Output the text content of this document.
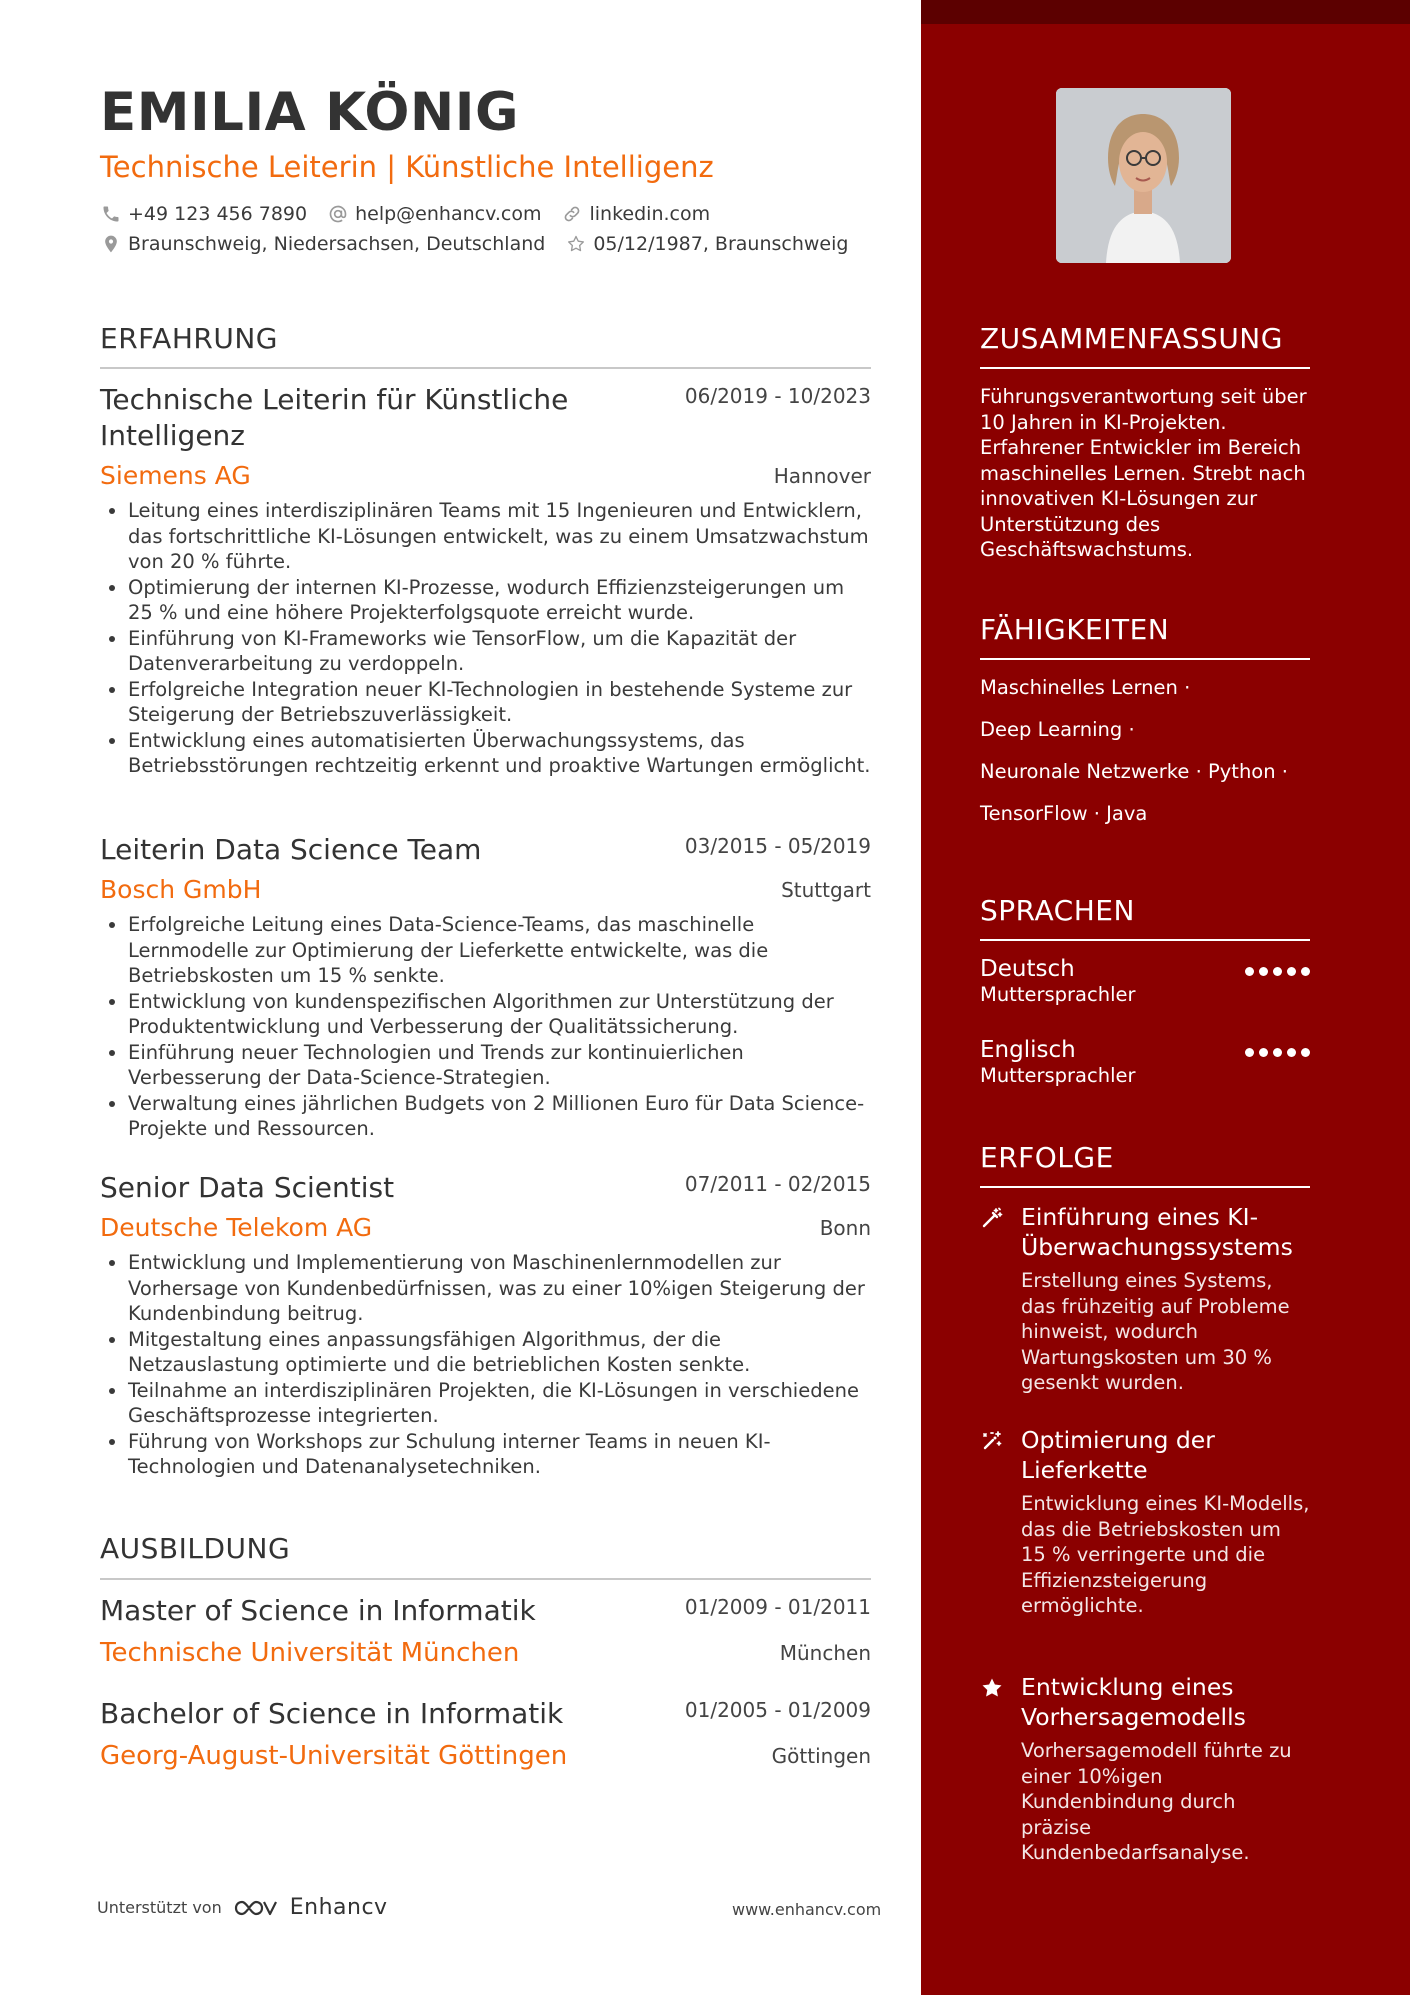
EMILIA KÖNIG
Technische Leiterin | Künstliche Intelligenz
+49 123 456 7890	help@enhancv.com	linkedin.com
Braunschweig, Niedersachsen, Deutschland	05/12/1987, Braunschweig
ERFAHRUNG
Technische Leiterin für Künstliche Intelligenz
06/2019 - 10/2023
Siemens AG	Hannover
• Leitung eines interdisziplinären Teams mit 15 Ingenieuren und Entwicklern, das fortschrittliche KI-Lösungen entwickelt, was zu einem Umsatzwachstum von 20 % führte.
• Optimierung der internen KI-Prozesse, wodurch Effizienzsteigerungen um 25 % und eine höhere Projekterfolgsquote erreicht wurde.
• Einführung von KI-Frameworks wie TensorFlow, um die Kapazität der Datenverarbeitung zu verdoppeln.
• Erfolgreiche Integration neuer KI-Technologien in bestehende Systeme zur Steigerung der Betriebszuverlässigkeit.
• Entwicklung eines automatisierten Überwachungssystems, das Betriebsstörungen rechtzeitig erkennt und proaktive Wartungen ermöglicht.
Leiterin Data Science Team	03/2015 - 05/2019
Bosch GmbH	Stuttgart
• Erfolgreiche Leitung eines Data-Science-Teams, das maschinelle Lernmodelle zur Optimierung der Lieferkette entwickelte, was die Betriebskosten um 15 % senkte.
• Entwicklung von kundenspezifischen Algorithmen zur Unterstützung der Produktentwicklung und Verbesserung der Qualitätssicherung.
• Einführung neuer Technologien und Trends zur kontinuierlichen Verbesserung der Data-Science-Strategien.
• Verwaltung eines jährlichen Budgets von 2 Millionen Euro für Data Science-Projekte und Ressourcen.
Senior Data Scientist	07/2011 - 02/2015
Deutsche Telekom AG	Bonn
• Entwicklung und Implementierung von Maschinenlernmodellen zur Vorhersage von Kundenbedürfnissen, was zu einer 10%igen Steigerung der Kundenbindung beitrug.
• Mitgestaltung eines anpassungsfähigen Algorithmus, der die Netzauslastung optimierte und die betrieblichen Kosten senkte.
• Teilnahme an interdisziplinären Projekten, die KI-Lösungen in verschiedene Geschäftsprozesse integrierten.
• Führung von Workshops zur Schulung interner Teams in neuen KI-Technologien und Datenanalysetechniken.
AUSBILDUNG
Master of Science in Informatik	01/2009 - 01/2011
Technische Universität München	München
Bachelor of Science in Informatik	01/2005 - 01/2009
Georg-August-Universität Göttingen	Göttingen
Unterstützt von	Enhancv	www.enhancv.com
ZUSAMMENFASSUNG
Führungsverantwortung seit über 10 Jahren in KI-Projekten. Erfahrener Entwickler im Bereich maschinelles Lernen. Strebt nach innovativen KI-Lösungen zur Unterstützung des Geschäftswachstums.
FÄHIGKEITEN
Maschinelles Lernen ·
Deep Learning ·
Neuronale Netzwerke · Python ·
TensorFlow · Java
SPRACHEN
Deutsch
Muttersprachler
Englisch
Muttersprachler
ERFOLGE
Einführung eines KI-Überwachungssystems
Erstellung eines Systems, das frühzeitig auf Probleme hinweist, wodurch Wartungskosten um 30 % gesenkt wurden.
Optimierung der Lieferkette
Entwicklung eines KI-Modells, das die Betriebskosten um 15 % verringerte und die Effizienzsteigerung ermöglichte.
Entwicklung eines Vorhersagemodells
Vorhersagemodell führte zu einer 10%igen Kundenbindung durch präzise Kundenbedarfsanalyse.
